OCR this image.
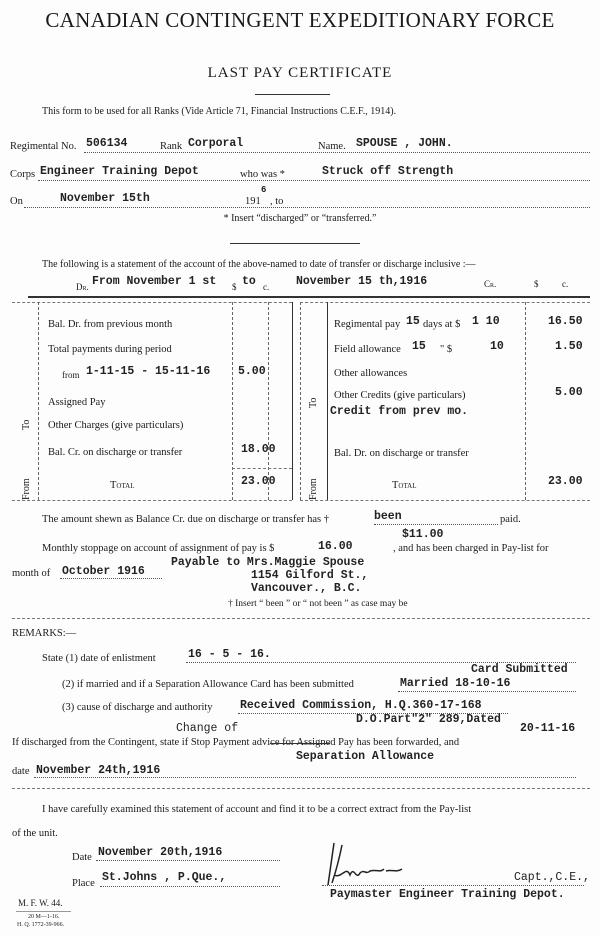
CANADIAN CONTINGENT EXPEDITIONARY FORCE
LAST PAY CERTIFICATE
This form to be used for all Ranks (Vide Article 71, Financial Instructions C.E.F., 1914).
Regimental No. 506134	Rank Corporal	Name. SPOUSE , JOHN.
Corps Engineer Training Depot	who was *	Struck off Strength
On	November 15th	191
6
, to
* Insert “discharged” or “transferred.”
The following is a statement of the account of the above-named to date of transfer or discharge inclusive :—
Dr. From November 1 st $ to c. November 15 th,1916	Cr.	$	c.
From
To
Bal. Dr. from previous month
Total payments during period
from 1-11-15 - 15-11-16 5.00
Assigned Pay
Other Charges (give particulars)
Bal. Cr. on discharge or transfer	18.00
Total	23.00	From
To
Regimental pay 15 days at $ 1 10	16.50
Field allowance 15 " $	10	1.50
Other allowances
Other Credits (give particulars)	5.00
Credit from prev mo.
Bal. Dr. on discharge or transfer
Total	23.00
The amount shewn as Balance Cr. due on discharge or transfer has †	been	paid.
$11.00
Monthly stoppage on account of assignment of pay is $	16.00	, and has been charged in Pay-list for
month of October 1916
Payable to Mrs.Maggie Spouse
1154 Gilford St.,
Vancouver., B.C.
† Insert “ been ” or “ not been ” as case may be
REMARKS:—
State (1) date of enlistment	16 - 5 - 16.
Card Submitted
(2) if married and if a Separation Allowance Card has been submitted	Married 18-10-16
(3) cause of discharge and authority Received Commission, H.Q.360-17-168
D.O.Part"2" 289,Dated
20-11-16
Change of
If discharged from the Contingent, state if Stop Payment advice for Assigned Pay has been forwarded, and
Separation Allowance
date November 24th,1916
I have carefully examined this statement of account and find it to be a correct extract from the Pay-list
of the unit.
Date November 20th,1916
Place St.Johns , P.Que.,	Capt.,C.E.,
Paymaster Engineer Training Depot.
M. F. W. 44.
20 M—1-16.
H. Q. 1772-39-966.
